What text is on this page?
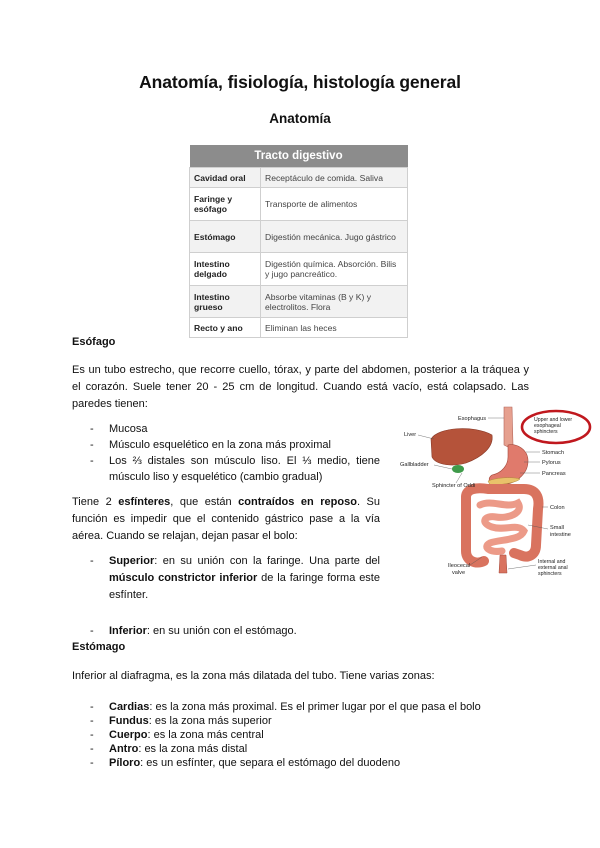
Anatomía, fisiología, histología general
Anatomía
Tracto digestivo	
Cavidad oral	Receptáculo de comida. Saliva
Faringe y esófago	Transporte de alimentos
Estómago	Digestión mecánica. Jugo gástrico
Intestino delgado	Digestión química. Absorción. Bilis y jugo pancreático.
Intestino grueso	Absorbe vitaminas (B y K) y electrolitos. Flora
Recto y ano	Eliminan las heces
Esófago

Es un tubo estrecho, que recorre cuello, tórax, y parte del abdomen, posterior a la tráquea y el corazón. Suele tener 20 - 25 cm de longitud. Cuando está vacío, está colapsado. Las paredes tienen:

- Mucosa
- Músculo esquelético en la zona más proximal
- Los ⅔ distales son músculo liso. El ⅓ medio, tiene músculo liso y esquelético (cambio gradual)

Tiene 2 esfínteres, que están contraídos en reposo. Su función es impedir que el contenido gástrico pase a la vía aérea. Cuando se relajan, dejan pasar el bolo:

- Superior: en su unión con la faringe. Una parte del músculo constrictor inferior de la faringe forma este esfínter.
- Inferior: en su unión con el estómago.
Esophagus
Liver
Gallbladder
Sphincter of Oddi
Upper and lower
esophageal
sphincters
Stomach
Pylorus
Pancreas
Colon
Small
intestine
Ileocecal
valve
Internal and
external anal
sphincters
Estómago

Inferior al diafragma, es la zona más dilatada del tubo. Tiene varias zonas:

- Cardias: es la zona más proximal. Es el primer lugar por el que pasa el bolo
- Fundus: es la zona más superior
- Cuerpo: es la zona más central
- Antro: es la zona más distal
- Píloro: es un esfínter, que separa el estómago del duodeno
